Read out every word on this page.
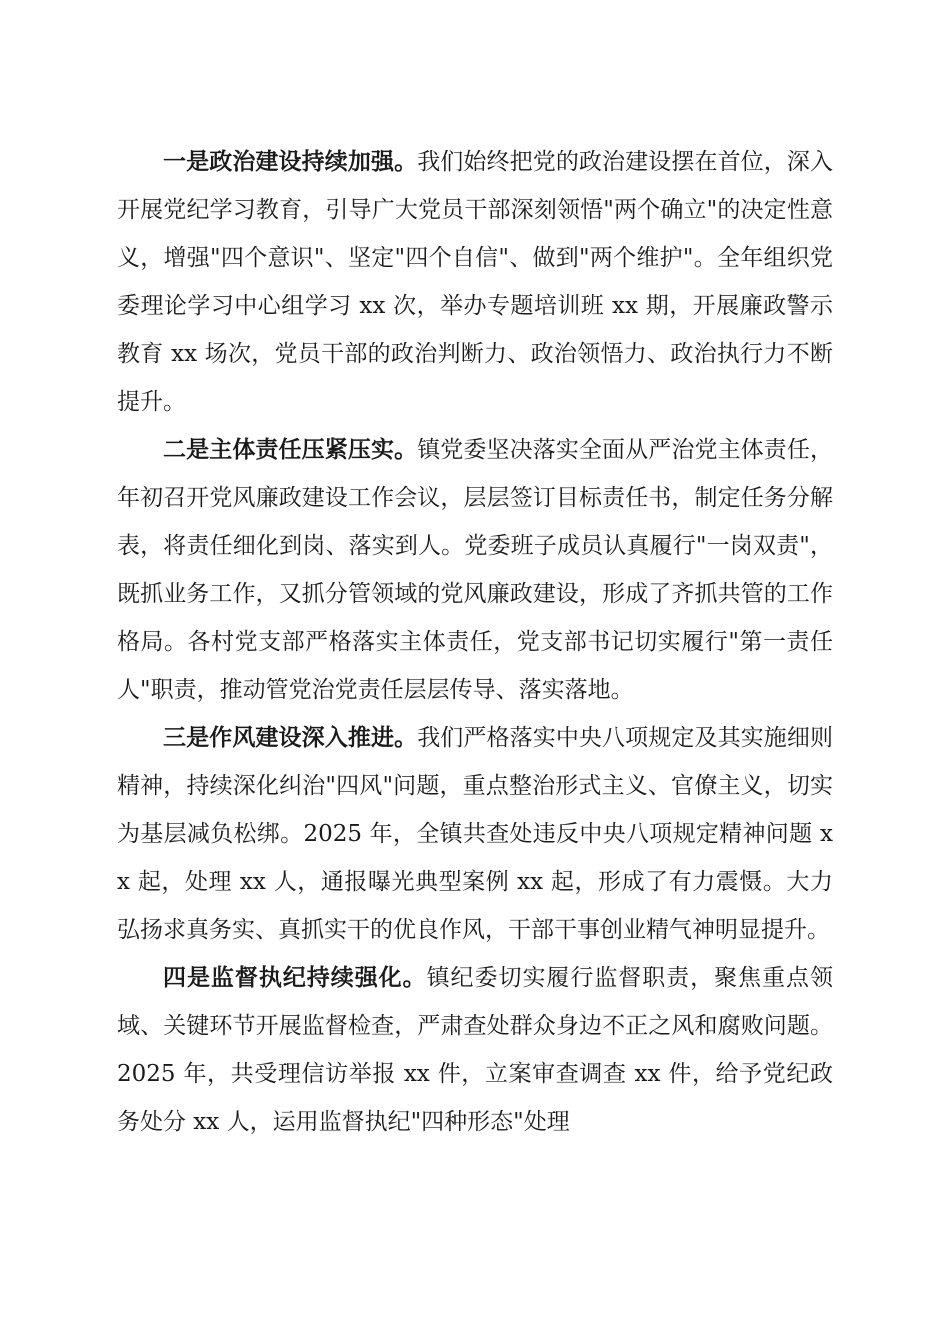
一是政治建设持续加强。我们始终把党的政治建设摆在首位，深入开展党纪学习教育，引导广大党员干部深刻领悟"两个确立"的决定性意义，增强"四个意识"、坚定"四个自信"、做到"两个维护"。全年组织党委理论学习中心组学习 xx 次，举办专题培训班 xx 期，开展廉政警示教育 xx 场次，党员干部的政治判断力、政治领悟力、政治执行力不断提升。

二是主体责任压紧压实。镇党委坚决落实全面从严治党主体责任，年初召开党风廉政建设工作会议，层层签订目标责任书，制定任务分解表，将责任细化到岗、落实到人。党委班子成员认真履行"一岗双责"，既抓业务工作，又抓分管领域的党风廉政建设，形成了齐抓共管的工作格局。各村党支部严格落实主体责任，党支部书记切实履行"第一责任人"职责，推动管党治党责任层层传导、落实落地。

三是作风建设深入推进。我们严格落实中央八项规定及其实施细则精神，持续深化纠治"四风"问题，重点整治形式主义、官僚主义，切实为基层减负松绑。2025 年，全镇共查处违反中央八项规定精神问题 xx 起，处理 xx 人，通报曝光典型案例 xx 起，形成了有力震慑。大力弘扬求真务实、真抓实干的优良作风，干部干事创业精气神明显提升。

四是监督执纪持续强化。镇纪委切实履行监督职责，聚焦重点领域、关键环节开展监督检查，严肃查处群众身边不正之风和腐败问题。2025 年，共受理信访举报 xx 件，立案审查调查 xx 件，给予党纪政务处分 xx 人，运用监督执纪"四种形态"处理
